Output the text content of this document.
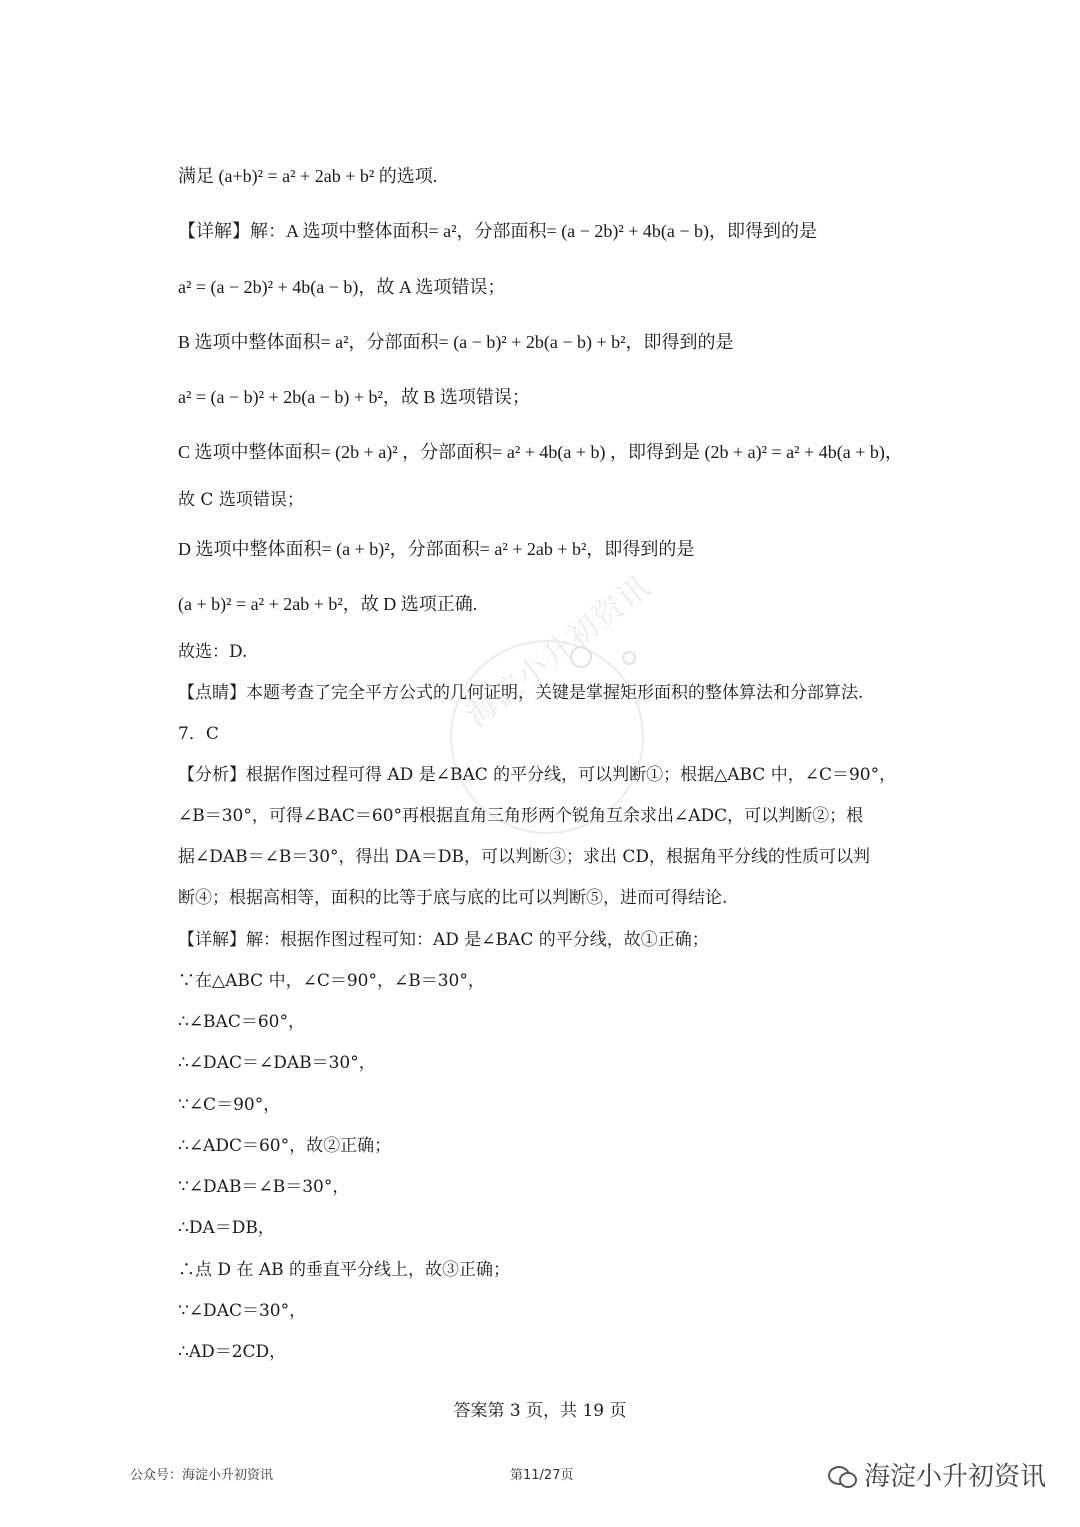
海淀小升初资讯
满足 (a+b)² = a² + 2ab + b² 的选项.
【详解】解：A 选项中整体面积= a²，分部面积= (a − 2b)² + 4b(a − b)，即得到的是
a² = (a − 2b)² + 4b(a − b)，故 A 选项错误；
B 选项中整体面积= a²，分部面积= (a − b)² + 2b(a − b) + b²，即得到的是
a² = (a − b)² + 2b(a − b) + b²，故 B 选项错误；
C 选项中整体面积= (2b + a)² ，分部面积= a² + 4b(a + b) ，即得到是 (2b + a)² = a² + 4b(a + b)，
故 C 选项错误；
D 选项中整体面积= (a + b)²，分部面积= a² + 2ab + b²，即得到的是
(a + b)² = a² + 2ab + b²，故 D 选项正确.
故选：D.
【点睛】本题考查了完全平方公式的几何证明，关键是掌握矩形面积的整体算法和分部算法.
7．C
【分析】根据作图过程可得 AD 是∠BAC 的平分线，可以判断①；根据△ABC 中，∠C＝90°，
∠B＝30°，可得∠BAC＝60°再根据直角三角形两个锐角互余求出∠ADC，可以判断②；根
据∠DAB＝∠B＝30°，得出 DA＝DB，可以判断③；求出 CD，根据角平分线的性质可以判
断④；根据高相等，面积的比等于底与底的比可以判断⑤，进而可得结论.
【详解】解：根据作图过程可知：AD 是∠BAC 的平分线，故①正确；
∵在△ABC 中，∠C＝90°，∠B＝30°，
∴∠BAC＝60°，
∴∠DAC＝∠DAB＝30°，
∵∠C＝90°，
∴∠ADC＝60°，故②正确；
∵∠DAB＝∠B＝30°，
∴DA＝DB，
∴点 D 在 AB 的垂直平分线上，故③正确；
∵∠DAC＝30°，
∴AD＝2CD，
答案第 3 页，共 19 页
公众号：海淀小升初资讯	第11/27页	海淀小升初资讯
